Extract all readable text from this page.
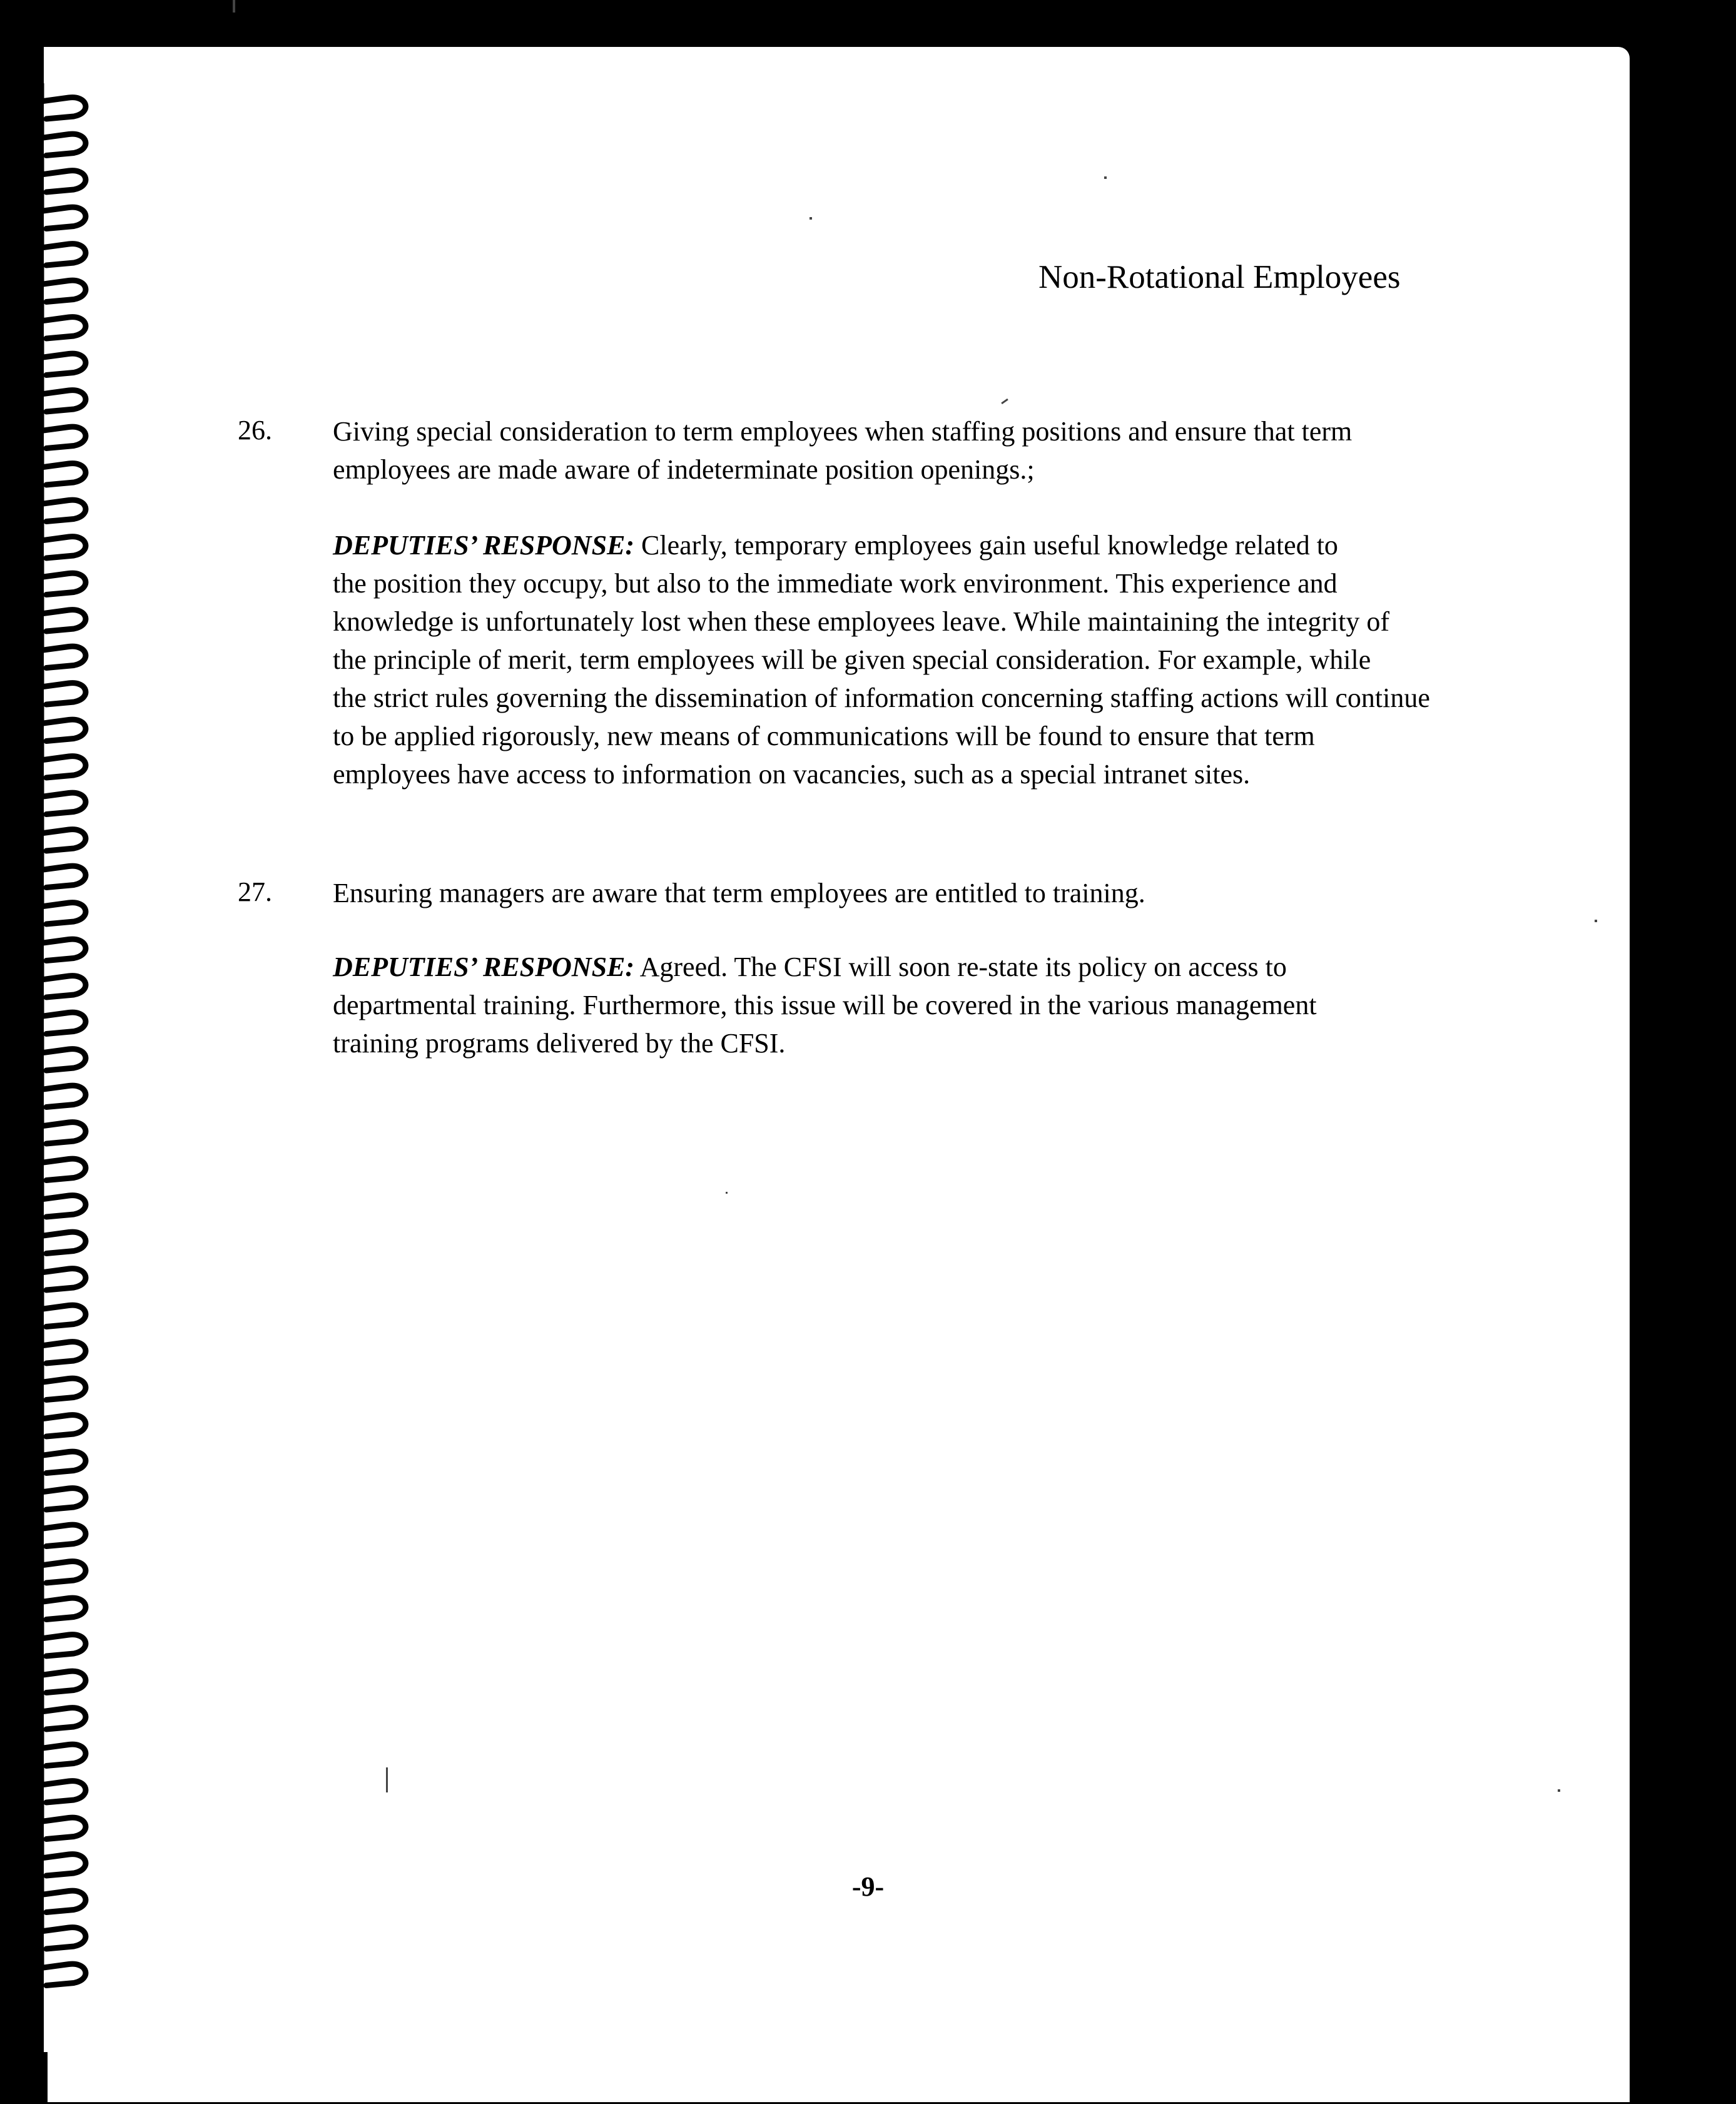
Non-Rotational Employees
26. Giving special consideration to term employees when staffing positions and ensure that term
employees are made aware of indeterminate position openings.;
DEPUTIES’ RESPONSE: Clearly, temporary employees gain useful knowledge related to
the position they occupy, but also to the immediate work environment. This experience and
knowledge is unfortunately lost when these employees leave. While maintaining the integrity of
the principle of merit, term employees will be given special consideration. For example, while
the strict rules governing the dissemination of information concerning staffing actions will continue
to be applied rigorously, new means of communications will be found to ensure that term
employees have access to information on vacancies, such as a special intranet sites.
27. Ensuring managers are aware that term employees are entitled to training.
DEPUTIES’ RESPONSE: Agreed. The CFSI will soon re-state its policy on access to
departmental training. Furthermore, this issue will be covered in the various management
training programs delivered by the CFSI.
-9-
